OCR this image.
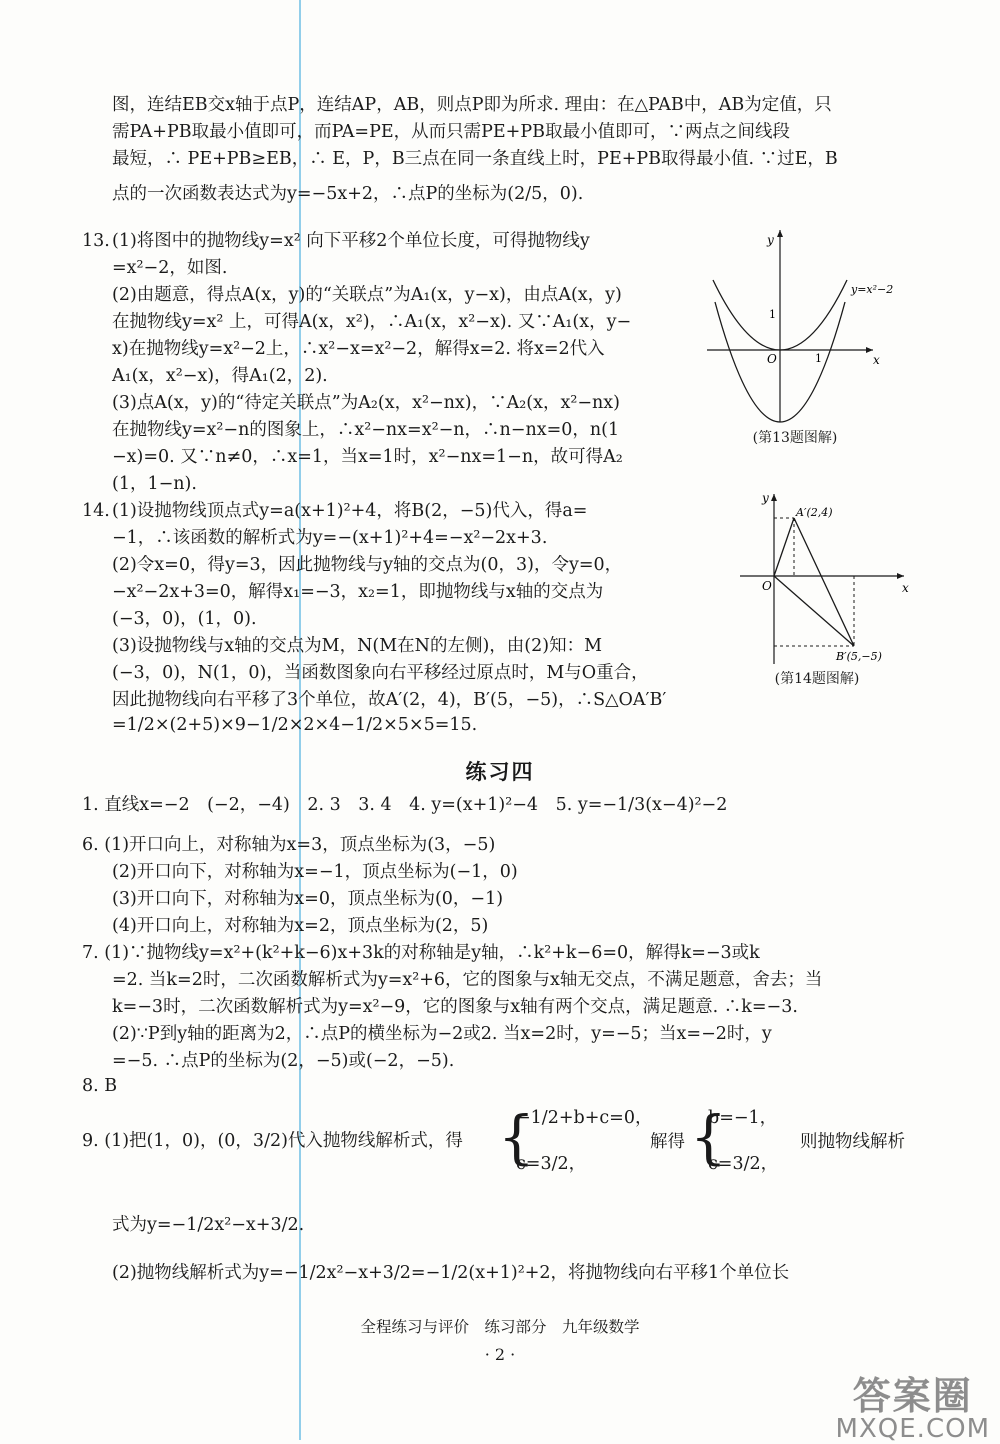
图，连结EB交x轴于点P，连结AP，AB，则点P即为所求. 理由：在△PAB中，AB为定值，只
需PA+PB取最小值即可，而PA=PE，从而只需PE+PB取最小值即可，∵两点之间线段
最短，∴ PE+PB≥EB，∴ E，P，B三点在同一条直线上时，PE+PB取得最小值. ∵过E，B
点的一次函数表达式为y=−5x+2，∴点P的坐标为(2/5，0).
13. (1)将图中的抛物线y=x² 向下平移2个单位长度，可得抛物线y
=x²−2，如图.
(2)由题意，得点A(x，y)的“关联点”为A₁(x，y−x)，由点A(x，y)
在抛物线y=x² 上，可得A(x，x²)，∴A₁(x，x²−x). 又∵A₁(x，y−
x)在抛物线y=x²−2上，∴x²−x=x²−2，解得x=2. 将x=2代入
A₁(x，x²−x)，得A₁(2，2).
(3)点A(x，y)的“待定关联点”为A₂(x，x²−nx)，∵A₂(x，x²−nx)
在抛物线y=x²−n的图象上，∴x²−nx=x²−n，∴n−nx=0，n(1
−x)=0. 又∵n≠0，∴x=1，当x=1时，x²−nx=1−n，故可得A₂
(1，1−n).
y
x
O
1
1
y=x²−2
(第13题图解)
14. (1)设抛物线顶点式y=a(x+1)²+4，将B(2，−5)代入，得a=
−1，∴该函数的解析式为y=−(x+1)²+4=−x²−2x+3.
(2)令x=0，得y=3，因此抛物线与y轴的交点为(0，3)，令y=0，
−x²−2x+3=0，解得x₁=−3，x₂=1，即抛物线与x轴的交点为
(−3，0)，(1，0).
(3)设抛物线与x轴的交点为M，N(M在N的左侧)，由(2)知：M
(−3，0)，N(1，0)，当函数图象向右平移经过原点时，M与O重合，
因此抛物线向右平移了3个单位，故A′(2，4)，B′(5，−5)，∴S△OA′B′
=1/2×(2+5)×9−1/2×2×4−1/2×5×5=15.
y
x
O
A′(2,4)
B′(5,−5)
(第14题图解)
练习四
1. 直线x=−2　(−2，−4)　2. 3　3. 4　4. y=(x+1)²−4　5. y=−1/3(x−4)²−2
6. (1)开口向上，对称轴为x=3，顶点坐标为(3，−5)
(2)开口向下，对称轴为x=−1，顶点坐标为(−1，0)
(3)开口向下，对称轴为x=0，顶点坐标为(0，−1)
(4)开口向上，对称轴为x=2，顶点坐标为(2，5)
7. (1)∵抛物线y=x²+(k²+k−6)x+3k的对称轴是y轴，∴k²+k−6=0，解得k=−3或k
=2. 当k=2时，二次函数解析式为y=x²+6，它的图象与x轴无交点，不满足题意，舍去；当
k=−3时，二次函数解析式为y=x²−9，它的图象与x轴有两个交点，满足题意. ∴k=−3.
(2)∵P到y轴的距离为2，∴点P的横坐标为−2或2. 当x=2时，y=−5；当x=−2时，y
=−5. ∴点P的坐标为(2，−5)或(−2，−5).
8. B
9. (1)把(1，0)，(0，3/2)代入抛物线解析式，得 {
−1/2+b+c=0，
c=3/2，
解得 {
b=−1，
c=3/2，
则抛物线解析
式为y=−1/2x²−x+3/2.
(2)抛物线解析式为y=−1/2x²−x+3/2=−1/2(x+1)²+2，将抛物线向右平移1个单位长
全程练习与评价　练习部分　九年级数学
· 2 ·
答案圈
MXQE.COM
